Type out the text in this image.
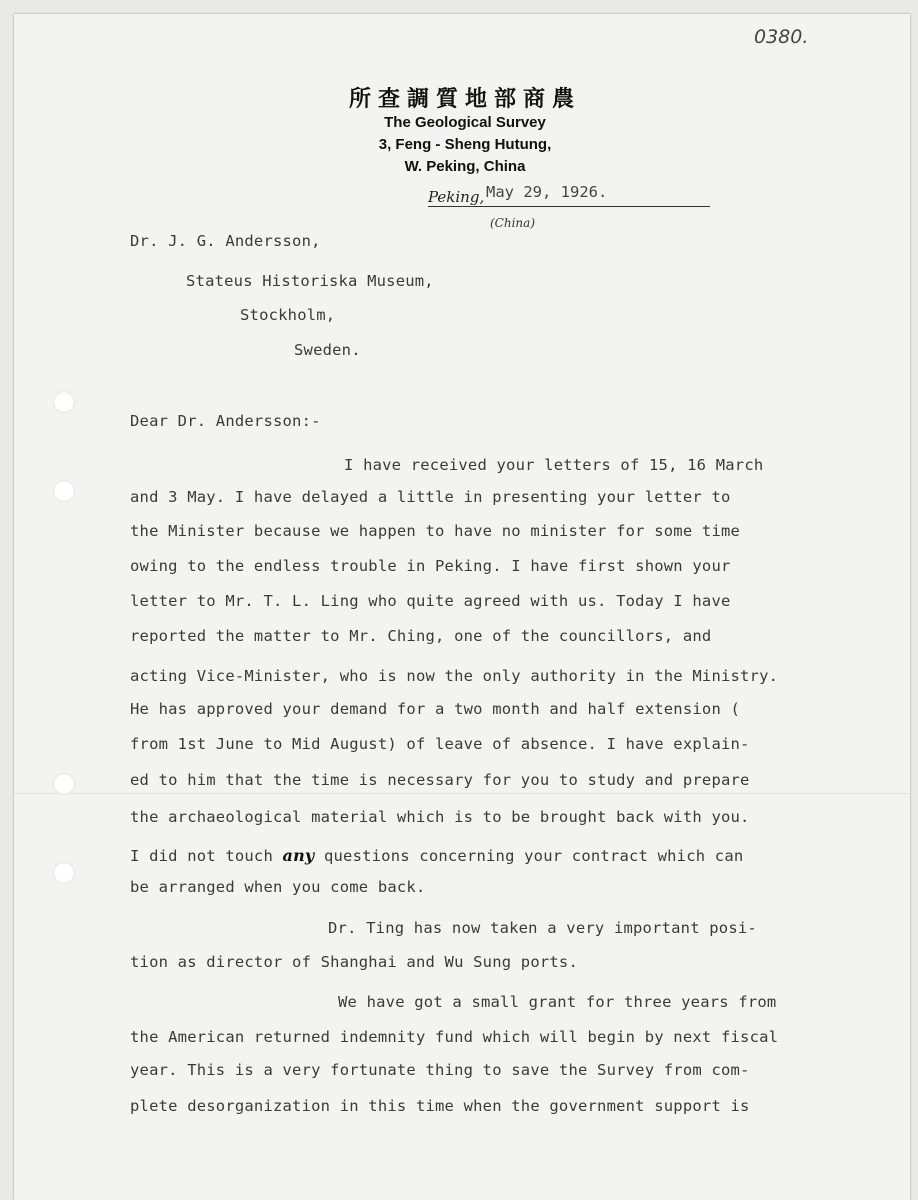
0380.
所查調質地部商農
The Geological Survey
3, Feng - Sheng Hutung,
W. Peking, China
Peking, May 29, 1926.
(China)
Dr. J. G. Andersson,
Stateus Historiska Museum,
Stockholm,
Sweden.
Dear Dr. Andersson:-
I have received your letters of 15, 16 March
and 3 May. I have delayed a little in presenting your letter to
the Minister because we happen to have no minister for some time
owing to the endless trouble in Peking. I have first shown your
letter to Mr. T. L. Ling who quite agreed with us. Today I have
reported the matter to Mr. Ching, one of the councillors, and
acting Vice-Minister, who is now the only authority in the Ministry.
He has approved your demand for a two month and half extension (
from 1st June to Mid August) of leave of absence. I have explain-
ed to him that the time is necessary for you to study and prepare
the archaeological material which is to be brought back with you.
I did not touch any questions concerning your contract which can
be arranged when you come back.
Dr. Ting has now taken a very important posi-
tion as director of Shanghai and Wu Sung ports.
We have got a small grant for three years from
the American returned indemnity fund which will begin by next fiscal
year. This is a very fortunate thing to save the Survey from com-
plete desorganization in this time when the government support is
